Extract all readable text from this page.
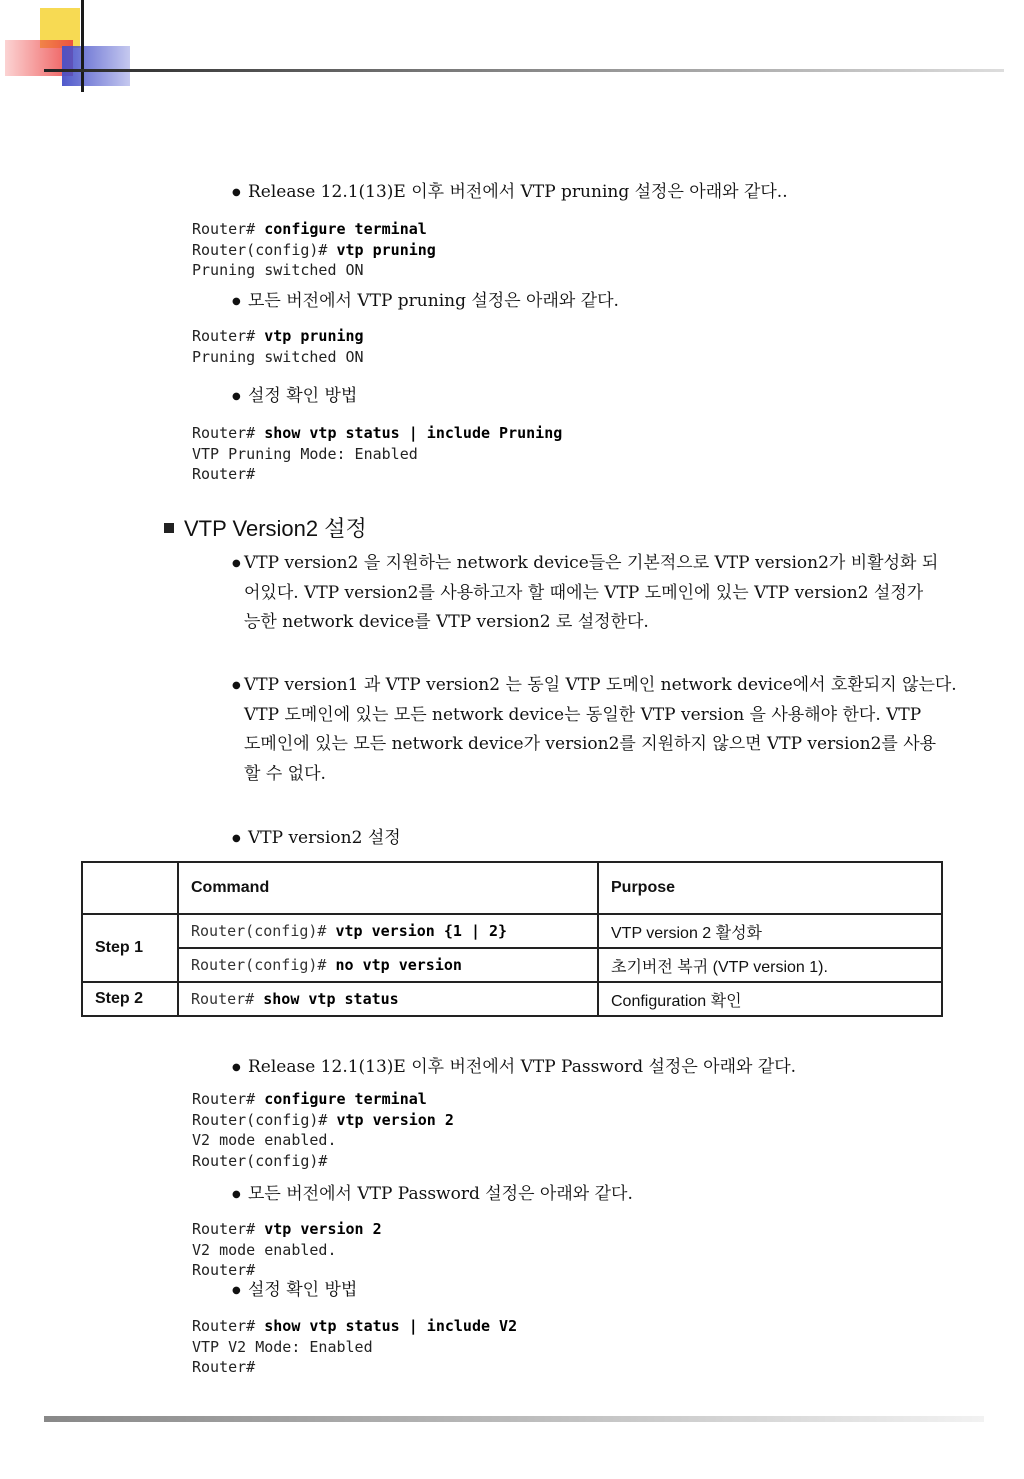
● Release 12.1(13)E 이후 버전에서 VTP pruning 설정은 아래와 같다..
Router# configure terminal
Router(config)# vtp pruning
Pruning switched ON
● 모든 버전에서 VTP pruning 설정은 아래와 같다.
Router# vtp pruning
Pruning switched ON
● 설정 확인 방법
Router# show vtp status | include Pruning
VTP Pruning Mode: Enabled
Router#
VTP Version2 설정
● VTP version2 을 지원하는 network device들은 기본적으로 VTP version2가 비활성화 되
어있다. VTP version2를 사용하고자 할 때에는 VTP 도메인에 있는 VTP version2 설정가
능한 network device를 VTP version2 로 설정한다.
● VTP version1 과 VTP version2 는 동일 VTP 도메인 network device에서 호환되지 않는다.
VTP 도메인에 있는 모든 network device는 동일한 VTP version 을 사용해야 한다. VTP
도메인에 있는 모든 network device가 version2를 지원하지 않으면 VTP version2를 사용
할 수 없다.
● VTP version2 설정
	Command	Purpose
Step 1	Router(config)# vtp version {1 | 2}	VTP version 2 활성화
	Router(config)# no vtp version	초기버전 복귀 (VTP version 1).
Step 2	Router# show vtp status	Configuration 확인
● Release 12.1(13)E 이후 버전에서 VTP Password 설정은 아래와 같다.
Router# configure terminal
Router(config)# vtp version 2
V2 mode enabled.
Router(config)#
● 모든 버전에서 VTP Password 설정은 아래와 같다.
Router# vtp version 2
V2 mode enabled.
Router#
● 설정 확인 방법
Router# show vtp status | include V2
VTP V2 Mode: Enabled
Router#
